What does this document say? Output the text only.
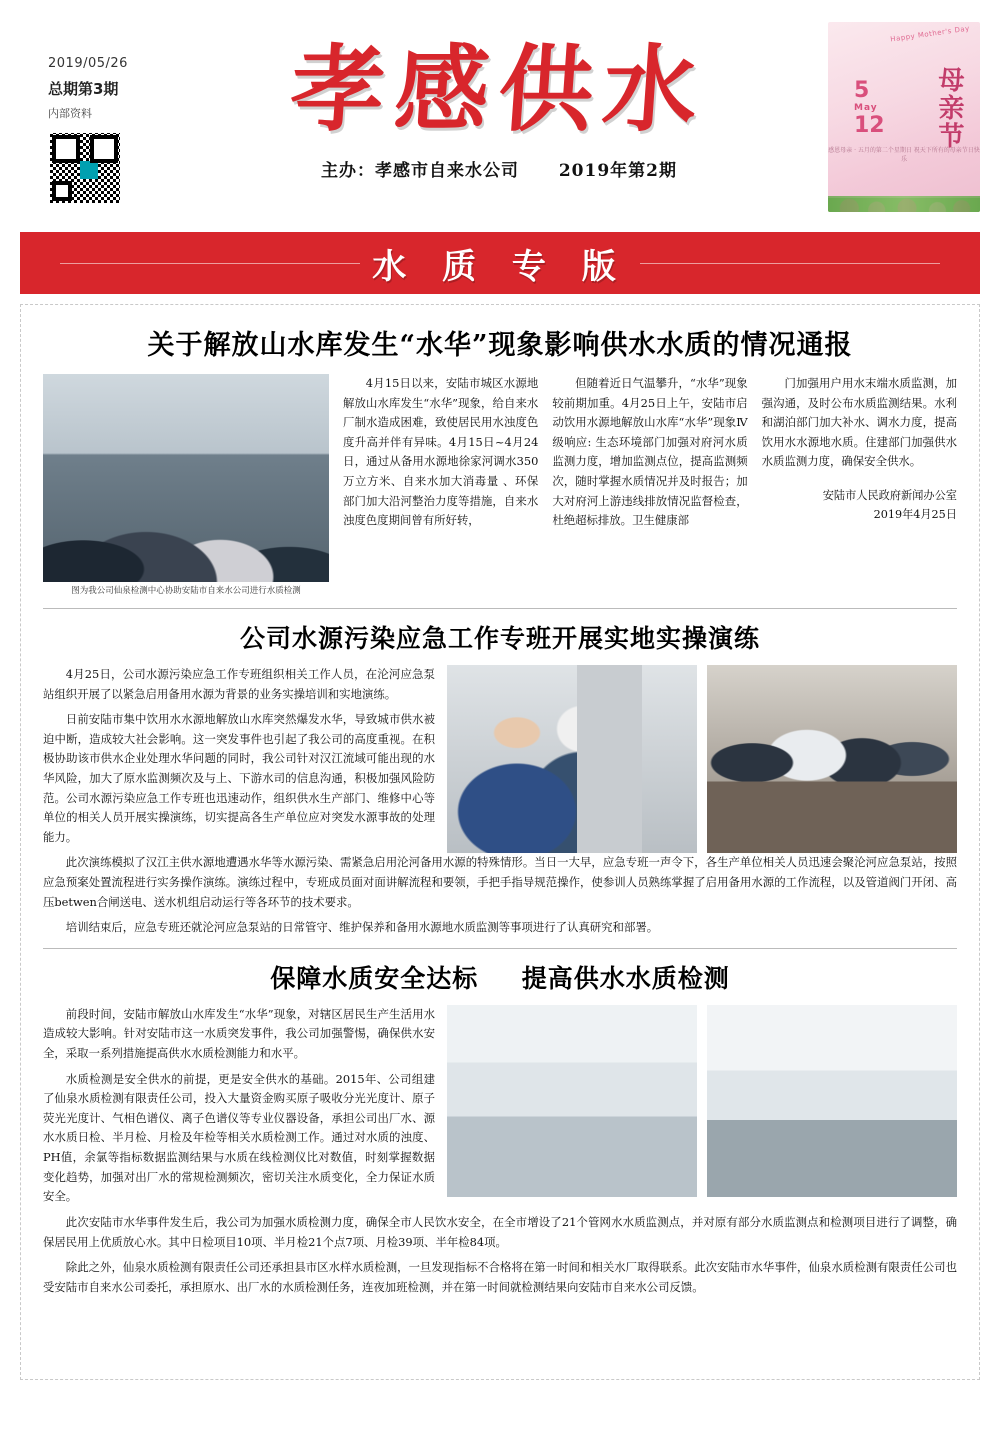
2019/05/26
总期第3期
内部资料	孝感供水
主办：孝感市自来水公司 2019年第2期
Happy Mother's Day
5
May
12 母亲节
感恩母亲 · 五月的第二个星期日 祝天下所有的母亲节日快乐
水 质 专 版
关于解放山水库发生“水华”现象影响供水水质的情况通报
图为我公司仙泉检测中心协助安陆市自来水公司进行水质检测

4月15日以来，安陆市城区水源地解放山水库发生“水华”现象，给自来水厂制水造成困难，致使居民用水浊度色度升高并伴有异味。4月15日~4月24日，通过从备用水源地徐家河调水350万立方米、自来水加大消毒量 、环保部门加大沿河整治力度等措施，自来水浊度色度期间曾有所好转，

但随着近日气温攀升，“水华”现象较前期加重。4月25日上午，安陆市启动饮用水源地解放山水库“水华”现象Ⅳ级响应: 生态环境部门加强对府河水质监测力度，增加监测点位，提高监测频次，随时掌握水质情况并及时报告；加大对府河上游违线排放情况监督检查，杜绝超标排放。卫生健康部

门加强用户用水末端水质监测，加强沟通，及时公布水质监测结果。水利和湖泊部门加大补水、调水力度，提高饮用水水源地水质。住建部门加强供水水质监测力度，确保安全供水。

安陆市人民政府新闻办公室
2019年4月25日
公司水源污染应急工作专班开展实地实操演练

4月25日，公司水源污染应急工作专班组织相关工作人员，在沦河应急泵站组织开展了以紧急启用备用水源为背景的业务实操培训和实地演练。

日前安陆市集中饮用水水源地解放山水库突然爆发水华，导致城市供水被迫中断，造成较大社会影响。这一突发事件也引起了我公司的高度重视。在积极协助该市供水企业处理水华问题的同时，我公司针对汉江流域可能出现的水华风险，加大了原水监测频次及与上、下游水司的信息沟通，积极加强风险防范。公司水源污染应急工作专班也迅速动作，组织供水生产部门、维修中心等单位的相关人员开展实操演练，切实提高各生产单位应对突发水源事故的处理能力。

此次演练模拟了汉江主供水源地遭遇水华等水源污染、需紧急启用沦河备用水源的特殊情形。当日一大早，应急专班一声令下，各生产单位相关人员迅速会聚沦河应急泵站，按照应急预案处置流程进行实务操作演练。演练过程中，专班成员面对面讲解流程和要领，手把手指导规范操作，使参训人员熟练掌握了启用备用水源的工作流程，以及管道阀门开闭、高压betwen合闸送电、送水机组启动运行等各环节的技术要求。

培训结束后，应急专班还就沦河应急泵站的日常管守、维护保养和备用水源地水质监测等事项进行了认真研究和部署。

保障水质安全达标 提高供水水质检测

前段时间，安陆市解放山水库发生“水华”现象，对辖区居民生产生活用水造成较大影响。针对安陆市这一水质突发事件，我公司加强警惕，确保供水安全，采取一系列措施提高供水水质检测能力和水平。

水质检测是安全供水的前提，更是安全供水的基础。2015年、公司组建了仙泉水质检测有限责任公司，投入大量资金购买原子吸收分光光度计、原子荧光光度计、气相色谱仪、离子色谱仪等专业仪器设备，承担公司出厂水、源水水质日检、半月检、月检及年检等相关水质检测工作。通过对水质的浊度、PH值，余氯等指标数据监测结果与水质在线检测仪比对数值，时刻掌握数据变化趋势，加强对出厂水的常规检测频次，密切关注水质变化，全力保证水质安全。

此次安陆市水华事件发生后，我公司为加强水质检测力度，确保全市人民饮水安全，在全市增设了21个管网水水质监测点，并对原有部分水质监测点和检测项目进行了调整，确保居民用上优质放心水。其中日检项目10项、半月检21个点7项、月检39项、半年检84项。

除此之外，仙泉水质检测有限责任公司还承担县市区水样水质检测，一旦发现指标不合格将在第一时间和相关水厂取得联系。此次安陆市水华事件，仙泉水质检测有限责任公司也受安陆市自来水公司委托，承担原水、出厂水的水质检测任务，连夜加班检测，并在第一时间就检测结果向安陆市自来水公司反馈。
